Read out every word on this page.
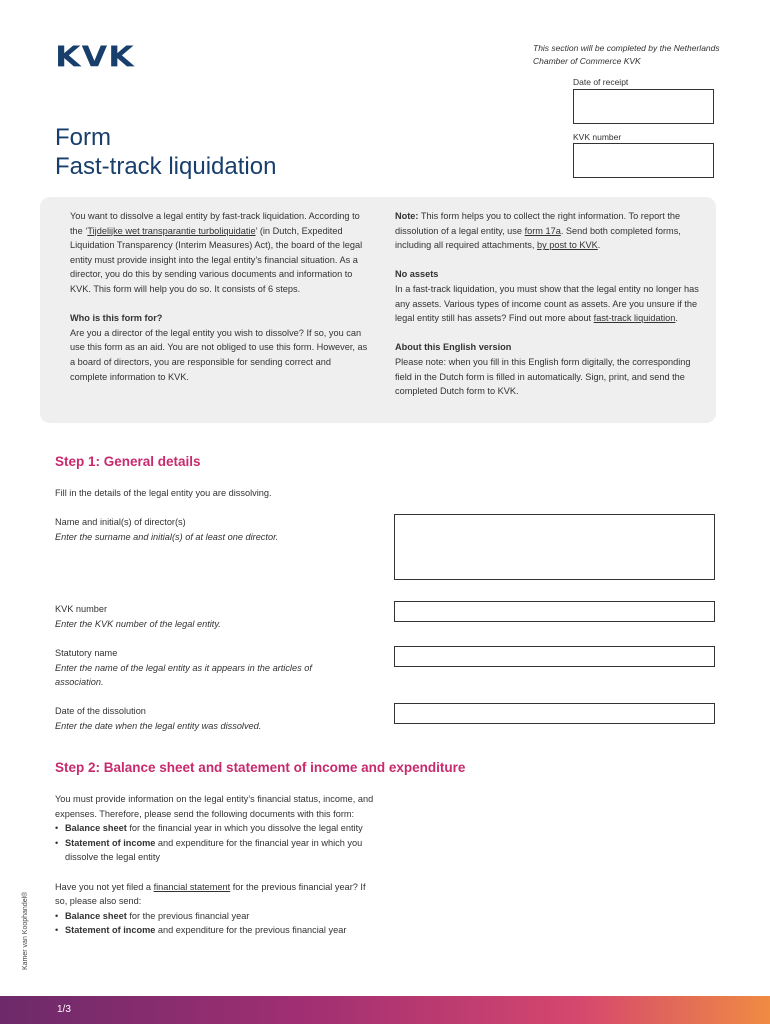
KVK	This section will be completed by the Netherlands Chamber of Commerce KVK
Date of receipt
KVK number
Form
Fast-track liquidation

You want to dissolve a legal entity by fast-track liquidation. According to the ‘Tijdelijke wet transparantie turboliquidatie’ (in Dutch, Expedited Liquidation Transparency (Interim Measures) Act), the board of the legal entity must provide insight into the legal entity’s financial situation. As a director, you do this by sending various documents and information to KVK. This form will help you do so. It consists of 6 steps.

Who is this form for?
Are you a director of the legal entity you wish to dissolve? If so, you can use this form as an aid. You are not obliged to use this form. However, as a board of directors, you are responsible for sending correct and complete information to KVK.

Note: This form helps you to collect the right information. To report the dissolution of a legal entity, use form 17a. Send both completed forms, including all required attachments, by post to KVK.

No assets
In a fast-track liquidation, you must show that the legal entity no longer has any assets. Various types of income count as assets. Are you unsure if the legal entity still has assets? Find out more about fast-track liquidation.

About this English version
Please note: when you fill in this English form digitally, the corresponding field in the Dutch form is filled in automatically. Sign, print, and send the completed Dutch form to KVK.

Step 1: General details
Fill in the details of the legal entity you are dissolving.
Name and initial(s) of director(s)
Enter the surname and initial(s) of at least one director.
KVK number
Enter the KVK number of the legal entity.
Statutory name
Enter the name of the legal entity as it appears in the articles of association.
Date of the dissolution
Enter the date when the legal entity was dissolved.
Step 2: Balance sheet and statement of income and expenditure
You must provide information on the legal entity’s financial status, income, and expenses. Therefore, please send the following documents with this form:
• Balance sheet for the financial year in which you dissolve the legal entity
• Statement of income and expenditure for the financial year in which you dissolve the legal entity
Have you not yet filed a financial statement for the previous financial year? If so, please also send:
• Balance sheet for the previous financial year
• Statement of income and expenditure for the previous financial year
Kamer van Koophandel®
1/3
